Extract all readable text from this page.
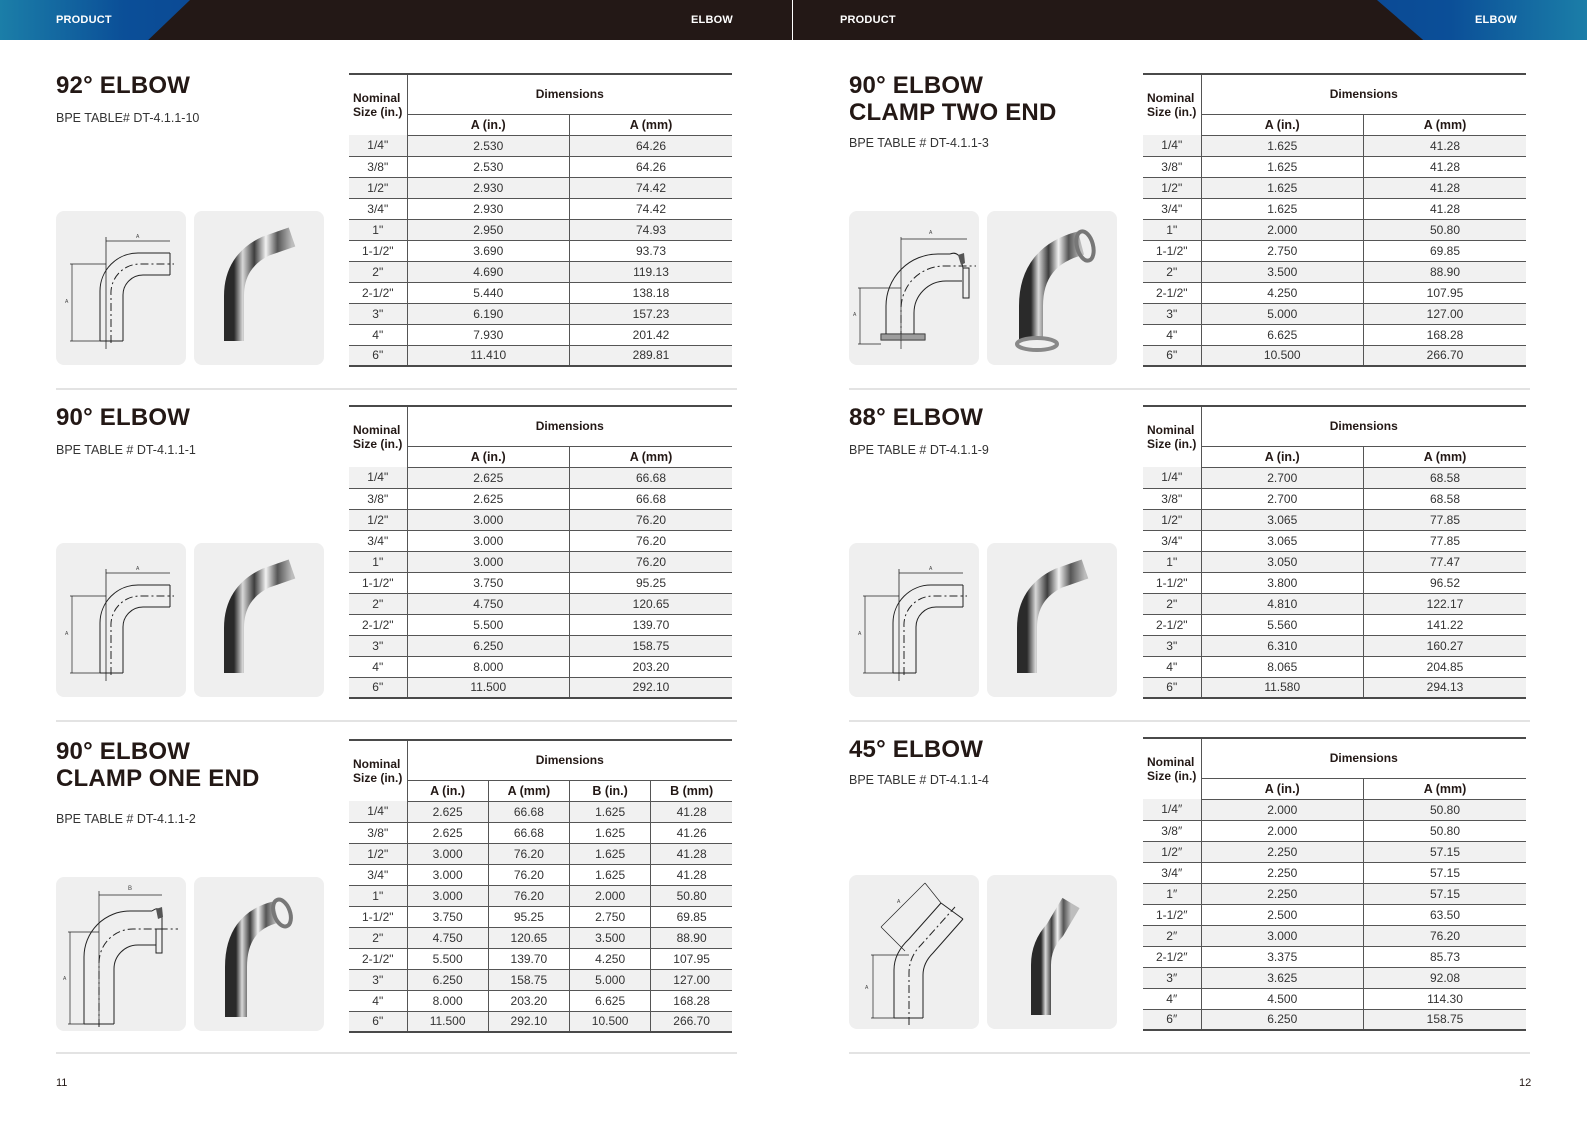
PRODUCT	ELBOW	PRODUCT	ELBOW
92° ELBOW
BPE TABLE# DT-4.1.1-10
A
A
90° ELBOW
BPE TABLE # DT-4.1.1-1
A
A
90° ELBOW
CLAMP ONE END
BPE TABLE # DT-4.1.1-2
B
A
90° ELBOW
CLAMP TWO END
BPE TABLE # DT-4.1.1-3
A
A
88° ELBOW
BPE TABLE # DT-4.1.1-9
A
A
45° ELBOW
BPE TABLE # DT-4.1.1-4
A
A
11	12
Nominal Size (in.)	Dimensions	
	A (in.)	A (mm)
1/4"	2.530	64.26
3/8"	2.530	64.26
1/2"	2.930	74.42
3/4"	2.930	74.42
1"	2.950	74.93
1-1/2"	3.690	93.73
2"	4.690	119.13
2-1/2"	5.440	138.18
3"	6.190	157.23
4"	7.930	201.42
6"	11.410	289.81
Nominal Size (in.)	Dimensions	
	A (in.)	A (mm)
1/4"	2.625	66.68
3/8"	2.625	66.68
1/2"	3.000	76.20
3/4"	3.000	76.20
1"	3.000	76.20
1-1/2"	3.750	95.25
2"	4.750	120.65
2-1/2"	5.500	139.70
3"	6.250	158.75
4"	8.000	203.20
6"	11.500	292.10
Nominal Size (in.)	Dimensions			
	A (in.)	A (mm)	B (in.)	B (mm)
1/4"	2.625	66.68	1.625	41.28
3/8"	2.625	66.68	1.625	41.26
1/2"	3.000	76.20	1.625	41.28
3/4"	3.000	76.20	1.625	41.28
1"	3.000	76.20	2.000	50.80
1-1/2"	3.750	95.25	2.750	69.85
2"	4.750	120.65	3.500	88.90
2-1/2"	5.500	139.70	4.250	107.95
3"	6.250	158.75	5.000	127.00
4"	8.000	203.20	6.625	168.28
6"	11.500	292.10	10.500	266.70
Nominal Size (in.)	Dimensions	
	A (in.)	A (mm)
1/4"	1.625	41.28
3/8"	1.625	41.28
1/2"	1.625	41.28
3/4"	1.625	41.28
1"	2.000	50.80
1-1/2"	2.750	69.85
2"	3.500	88.90
2-1/2"	4.250	107.95
3"	5.000	127.00
4"	6.625	168.28
6"	10.500	266.70
Nominal Size (in.)	Dimensions	
	A (in.)	A (mm)
1/4"	2.700	68.58
3/8"	2.700	68.58
1/2"	3.065	77.85
3/4"	3.065	77.85
1"	3.050	77.47
1-1/2"	3.800	96.52
2"	4.810	122.17
2-1/2"	5.560	141.22
3"	6.310	160.27
4"	8.065	204.85
6"	11.580	294.13
Nominal Size (in.)	Dimensions	
	A (in.)	A (mm)
1/4″	2.000	50.80
3/8″	2.000	50.80
1/2″	2.250	57.15
3/4″	2.250	57.15
1″	2.250	57.15
1-1/2″	2.500	63.50
2″	3.000	76.20
2-1/2″	3.375	85.73
3″	3.625	92.08
4″	4.500	114.30
6″	6.250	158.75
